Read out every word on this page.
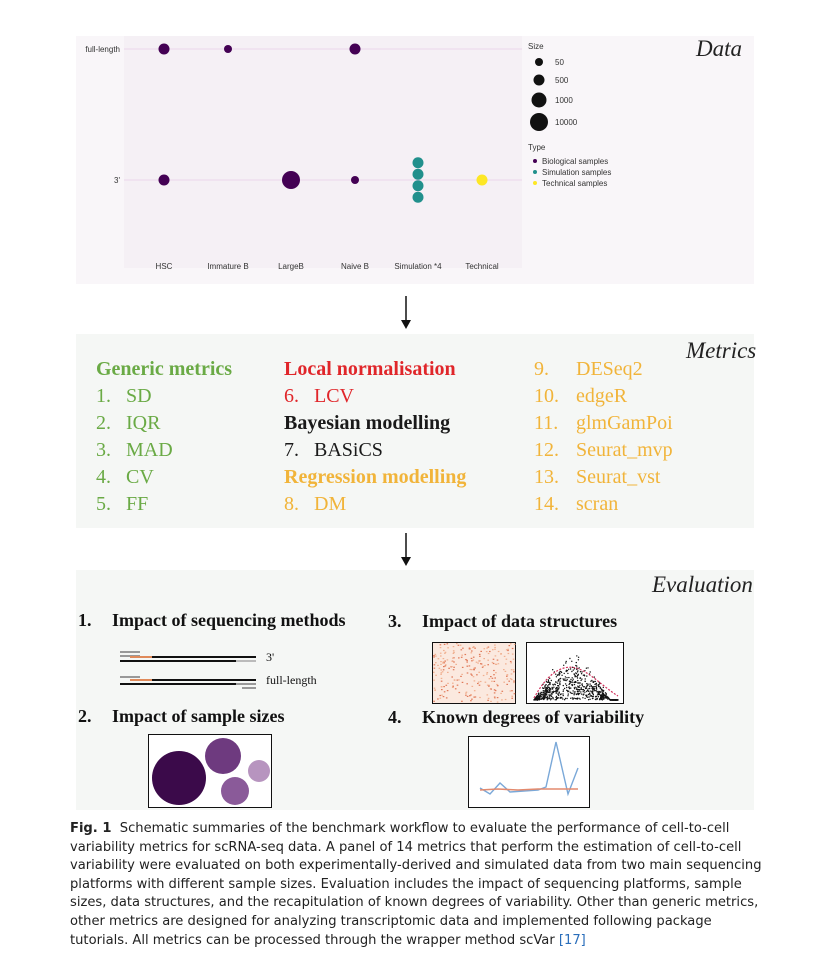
full-length
3'
HSC	Immature B	LargeB	Naive B	Simulation *4	Technical
Size
50
500
1000
10000
Type
Biological samples
Simulation samples
Technical samples
Data
Metrics
Generic metrics
1. SD
2. IQR
3. MAD
4. CV
5. FF
Local normalisation
6. LCV
Bayesian modelling
7. BASiCS
Regression modelling
8. DM
9. DESeq2
10. edgeR
11. glmGamPoi
12. Seurat_mvp
13. Seurat_vst
14. scran
Evaluation
1. Impact of sequencing methods
2. Impact of sample sizes
3. Impact of data structures
4. Known degrees of variability
3'
full-length
Fig. 1 Schematic summaries of the benchmark workflow to evaluate the performance of cell-to-cell variability metrics for scRNA-seq data. A panel of 14 metrics that perform the estimation of cell-to-cell variability were evaluated on both experimentally-derived and simulated data from two main sequencing platforms with different sample sizes. Evaluation includes the impact of sequencing platforms, sample sizes, data structures, and the recapitulation of known degrees of variability. Other than generic metrics, other metrics are designed for analyzing transcriptomic data and implemented following package tutorials. All metrics can be processed through the wrapper method scVar [17]
